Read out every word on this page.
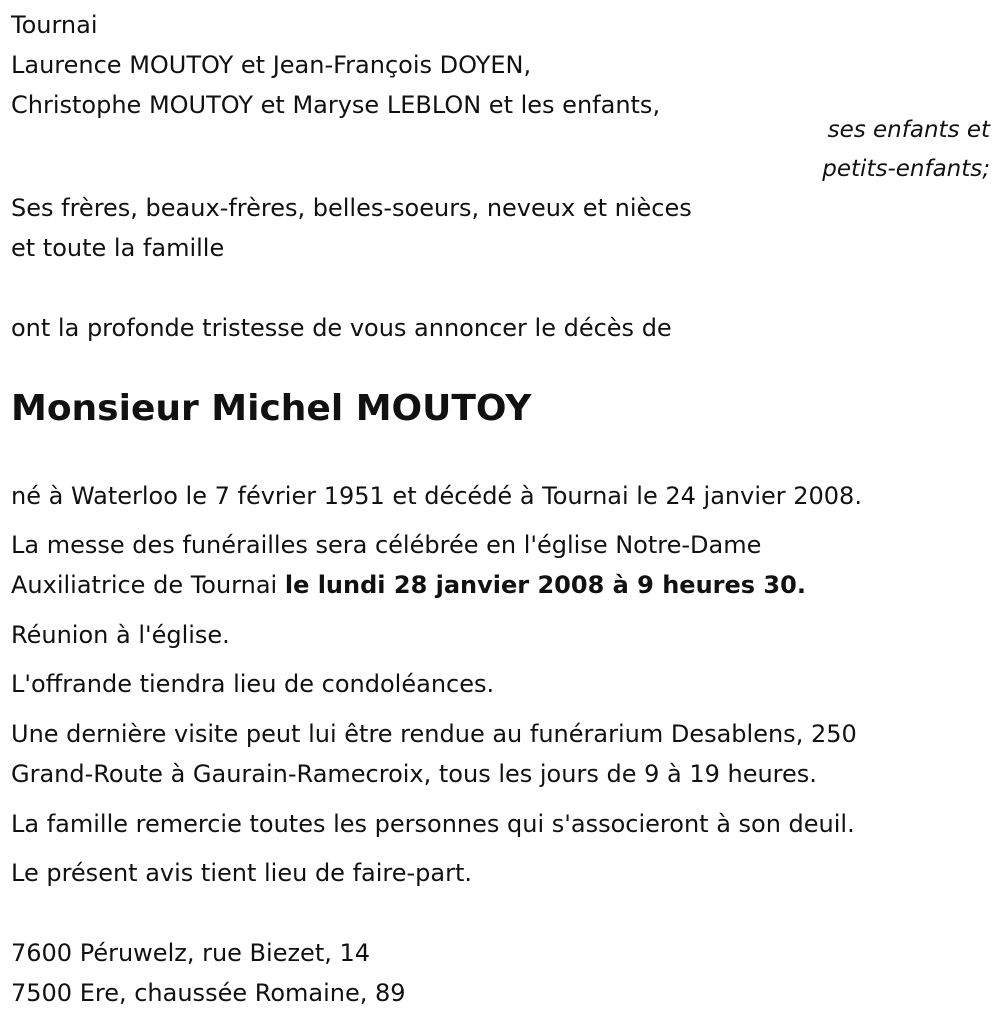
Tournai
Laurence MOUTOY et Jean-François DOYEN,
Christophe MOUTOY et Maryse LEBLON et les enfants,
ses enfants et
petits-enfants;
Ses frères, beaux-frères, belles-soeurs, neveux et nièces
et toute la famille
ont la profonde tristesse de vous annoncer le décès de
Monsieur Michel MOUTOY
né à Waterloo le 7 février 1951 et décédé à Tournai le 24 janvier 2008.
La messe des funérailles sera célébrée en l'église Notre-Dame
Auxiliatrice de Tournai le lundi 28 janvier 2008 à 9 heures 30.
Réunion à l'église.
L'offrande tiendra lieu de condoléances.
Une dernière visite peut lui être rendue au funérarium Desablens, 250
Grand-Route à Gaurain-Ramecroix, tous les jours de 9 à 19 heures.
La famille remercie toutes les personnes qui s'associeront à son deuil.
Le présent avis tient lieu de faire-part.
7600 Péruwelz, rue Biezet, 14
7500 Ere, chaussée Romaine, 89
